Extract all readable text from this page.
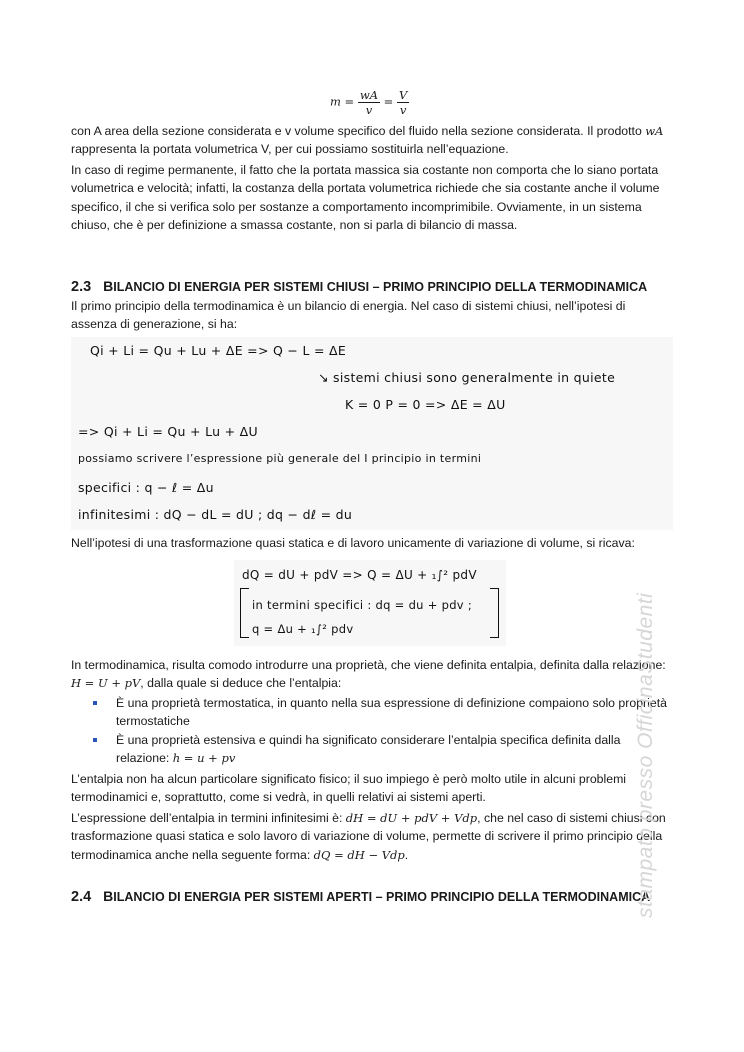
$m = \frac{wA}{v} = \frac{V}{v}$

con A area della sezione considerata e v volume specifico del fluido nella sezione considerata. Il prodotto wA rappresenta la portata volumetrica V, per cui possiamo sostituirla nell’equazione.

In caso di regime permanente, il fatto che la portata massica sia costante non comporta che lo siano portata volumetrica e velocità; infatti, la costanza della portata volumetrica richiede che sia costante anche il volume specifico, il che si verifica solo per sostanze a comportamento incomprimibile. Ovviamente, in un sistema chiuso, che è per definizione a smassa costante, non si parla di bilancio di massa.

2.3 BILANCIO DI ENERGIA PER SISTEMI CHIUSI – PRIMO PRINCIPIO DELLA TERMODINAMICA

Il primo principio della termodinamica è un bilancio di energia. Nel caso di sistemi chiusi, nell’ipotesi di assenza di generazione, si ha:

Qi + Li = Qu + Lu + ΔE => Q − L = ΔE
↘ sistemi chiusi sono generalmente in quiete
K = 0 P = 0 => ΔE = ΔU
=> Qi + Li = Qu + Lu + ΔU
possiamo scrivere l’espressione più generale del I principio in termini
specifici : q − ℓ = Δu
infinitesimi : dQ − dL = dU ; dq − dℓ = du

Nell’ipotesi di una trasformazione quasi statica e di lavoro unicamente di variazione di volume, si ricava:

dQ = dU + pdV => Q = ΔU + ₁∫² pdV
in termini specifici : dq = du + pdv ;
q = Δu + ₁∫² pdv

In termodinamica, risulta comodo introdurre una proprietà, che viene definita entalpia, definita dalla relazione: H = U + pV, dalla quale si deduce che l’entalpia:

È una proprietà termostatica, in quanto nella sua espressione di definizione compaiono solo proprietà termostatiche
È una proprietà estensiva e quindi ha significato considerare l’entalpia specifica definita dalla relazione: h = u + pv

L’entalpia non ha alcun particolare significato fisico; il suo impiego è però molto utile in alcuni problemi termodinamici e, soprattutto, come si vedrà, in quelli relativi ai sistemi aperti.

L’espressione dell’entalpia in termini infinitesimi è: dH = dU + pdV + Vdp, che nel caso di sistemi chiusi con trasformazione quasi statica e solo lavoro di variazione di volume, permette di scrivere il primo principio della termodinamica anche nella seguente forma: dQ = dH − Vdp.

2.4 BILANCIO DI ENERGIA PER SISTEMI APERTI – PRIMO PRINCIPIO DELLA TERMODINAMICA
stampato presso OfficinaStudenti
